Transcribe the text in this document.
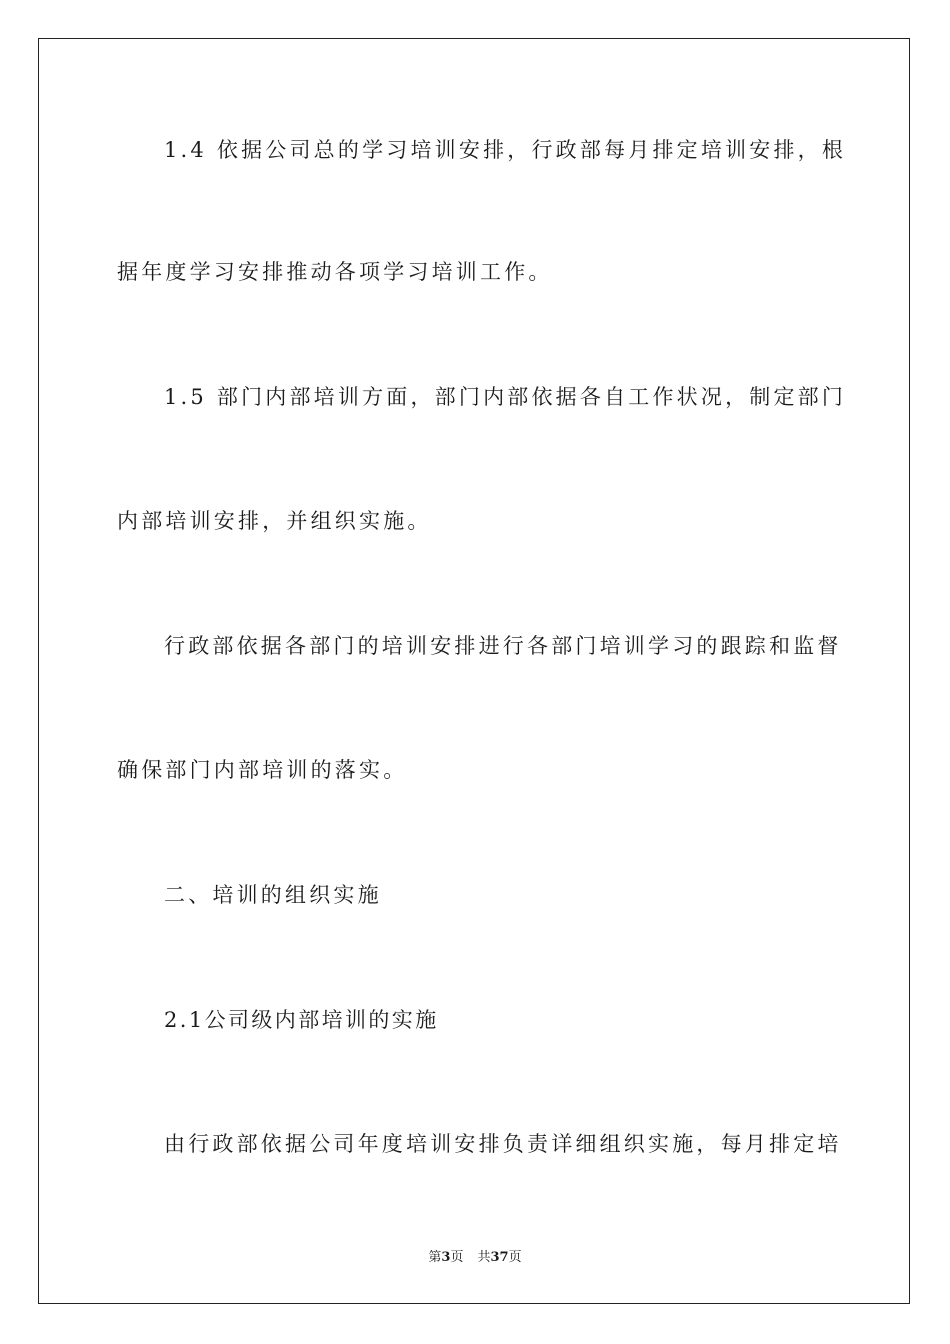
1.4 依据公司总的学习培训安排，行政部每月排定培训安排，根
据年度学习安排推动各项学习培训工作。
1.5 部门内部培训方面，部门内部依据各自工作状况，制定部门
内部培训安排，并组织实施。
行政部依据各部门的培训安排进行各部门培训学习的跟踪和监督
确保部门内部培训的落实。
二、培训的组织实施
2.1公司级内部培训的实施
由行政部依据公司年度培训安排负责详细组织实施，每月排定培
第3页 共37页
